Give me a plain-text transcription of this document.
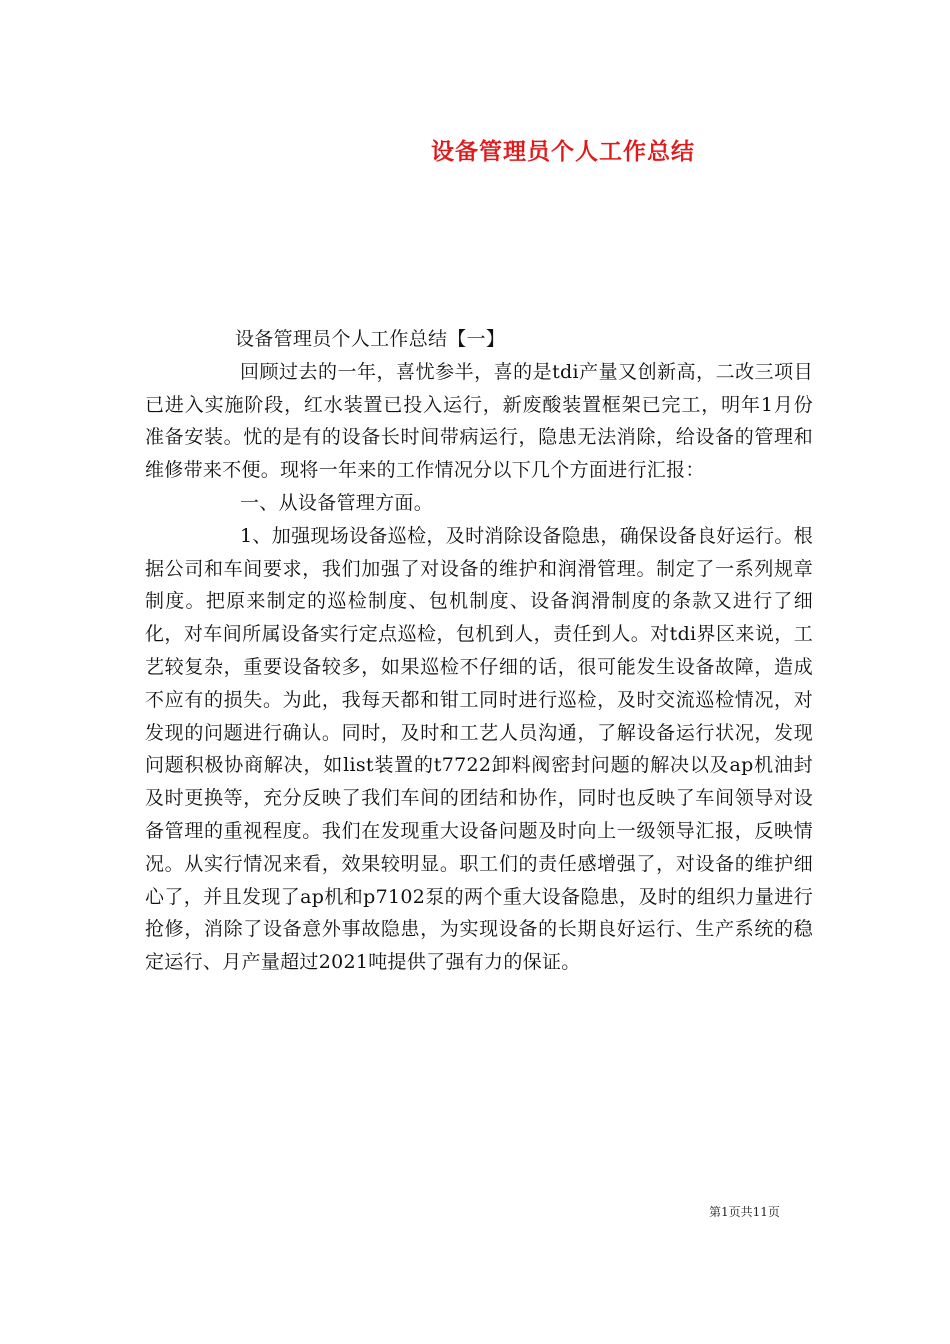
设备管理员个人工作总结

设备管理员个人工作总结【一】

回顾过去的一年，喜忧参半，喜的是tdi产量又创新高，二改三项目已进入实施阶段，红水装置已投入运行，新废酸装置框架已完工，明年1月份准备安装。忧的是有的设备长时间带病运行，隐患无法消除，给设备的管理和维修带来不便。现将一年来的工作情况分以下几个方面进行汇报：

一、从设备管理方面。

1、加强现场设备巡检，及时消除设备隐患，确保设备良好运行。根据公司和车间要求，我们加强了对设备的维护和润滑管理。制定了一系列规章制度。把原来制定的巡检制度、包机制度、设备润滑制度的条款又进行了细化，对车间所属设备实行定点巡检，包机到人，责任到人。对tdi界区来说，工艺较复杂，重要设备较多，如果巡检不仔细的话，很可能发生设备故障，造成不应有的损失。为此，我每天都和钳工同时进行巡检，及时交流巡检情况，对发现的问题进行确认。同时，及时和工艺人员沟通，了解设备运行状况，发现问题积极协商解决，如list装置的t7722卸料阀密封问题的解决以及ap机油封及时更换等，充分反映了我们车间的团结和协作，同时也反映了车间领导对设备管理的重视程度。我们在发现重大设备问题及时向上一级领导汇报，反映情况。从实行情况来看，效果较明显。职工们的责任感增强了，对设备的维护细心了，并且发现了ap机和p7102泵的两个重大设备隐患，及时的组织力量进行抢修，消除了设备意外事故隐患，为实现设备的长期良好运行、生产系统的稳定运行、月产量超过2021吨提供了强有力的保证。

第1页共11页
